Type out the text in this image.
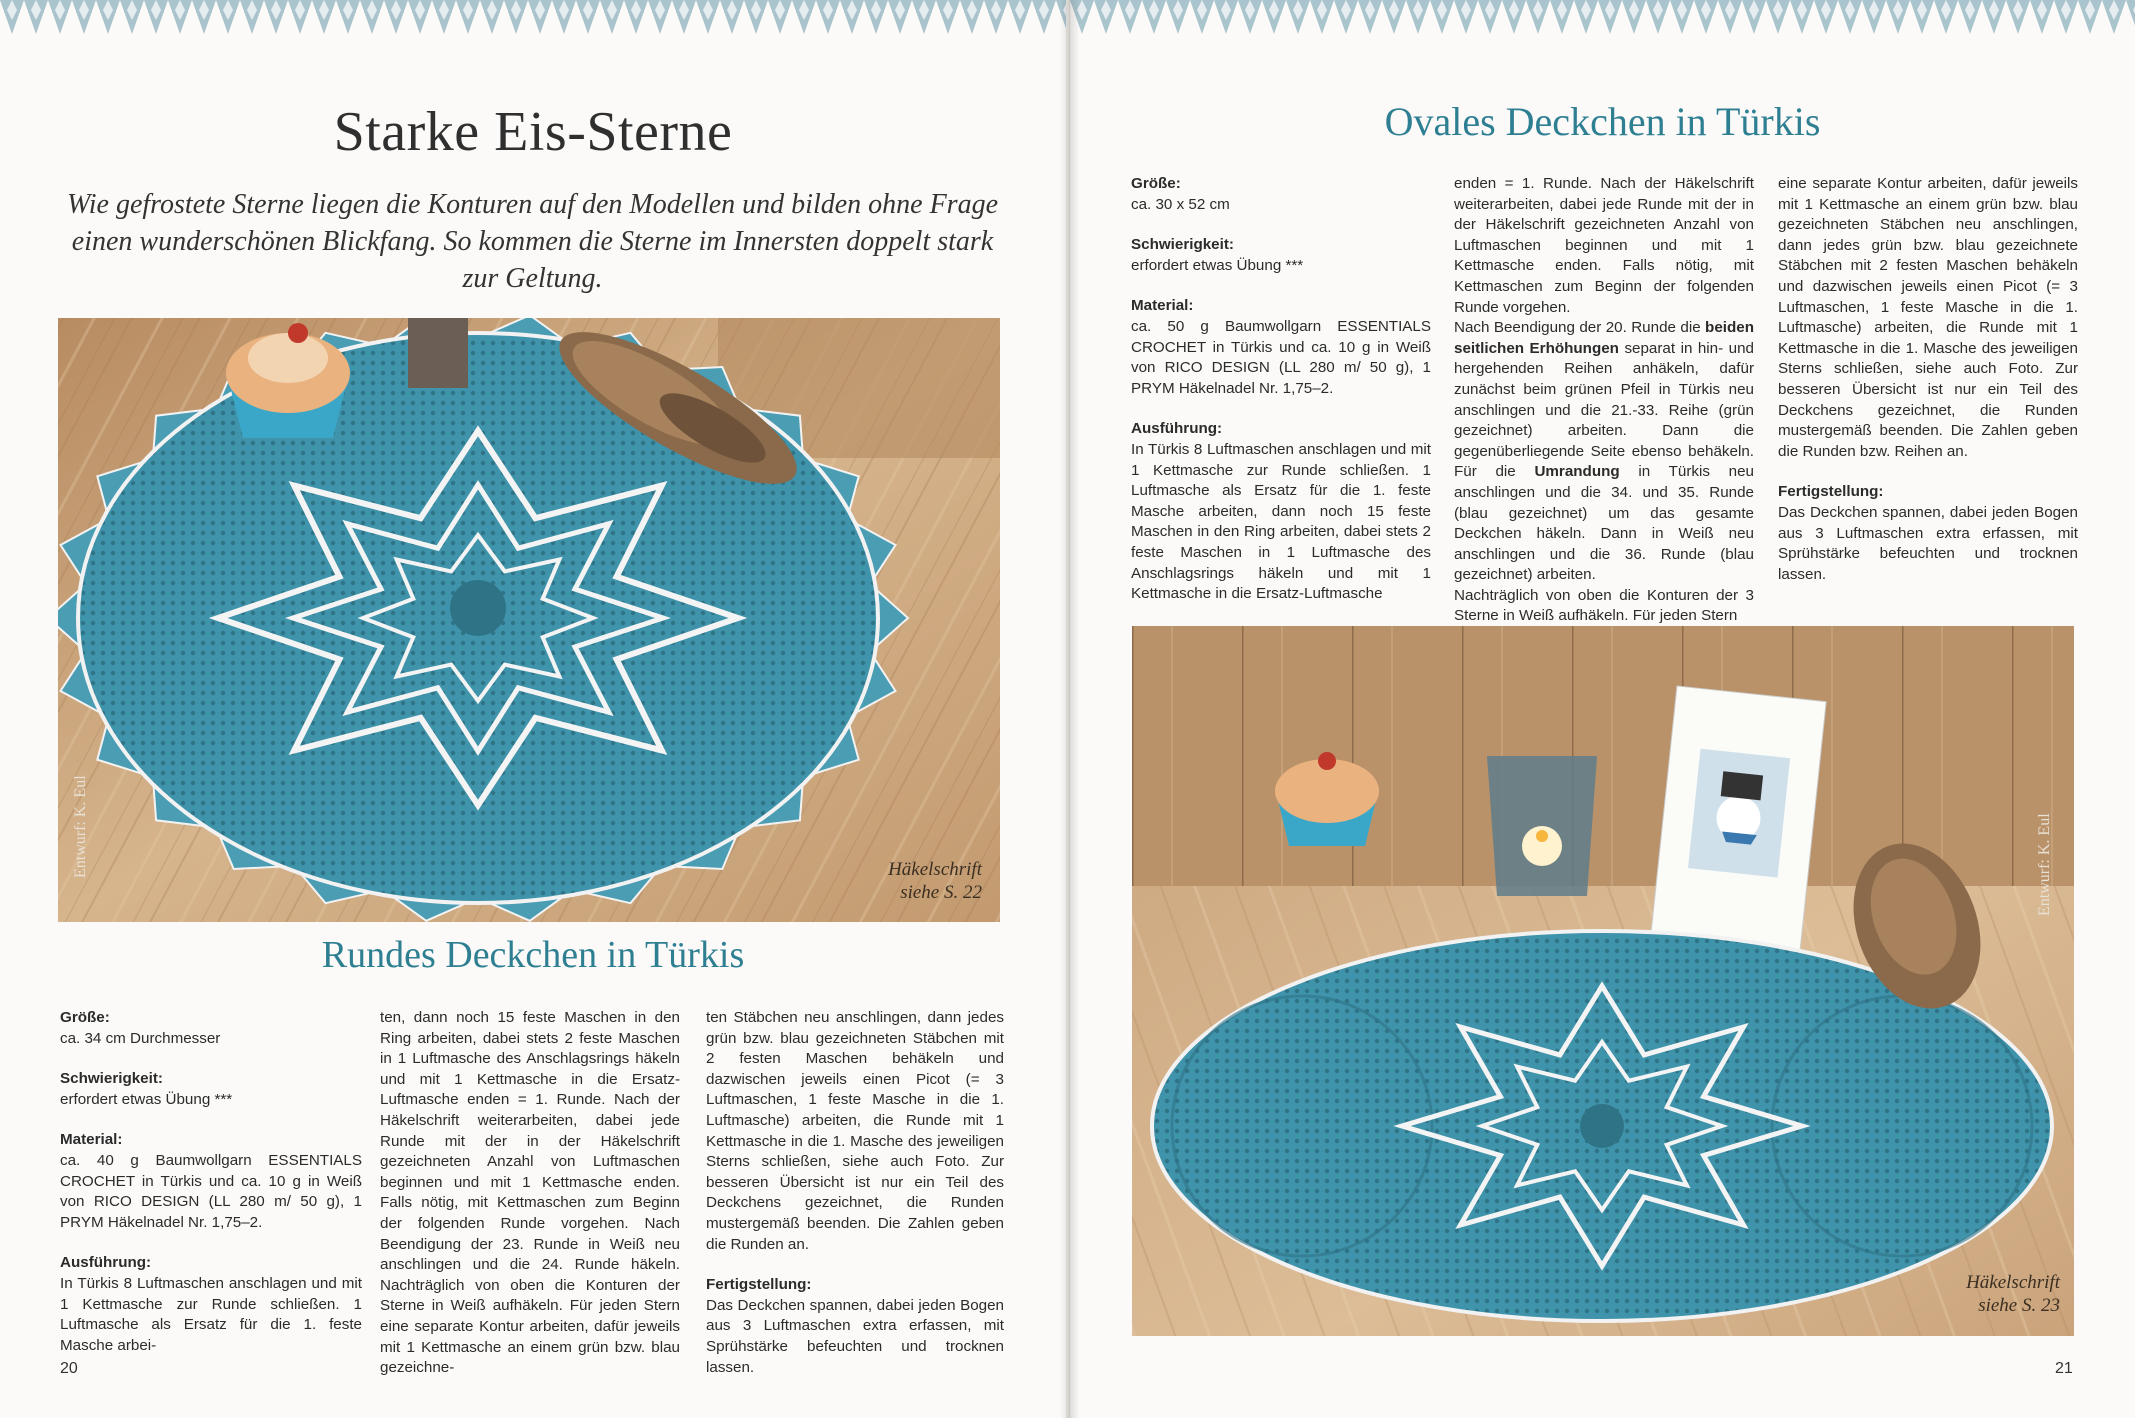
Starke Eis-Sterne

Wie gefrostete Sterne liegen die Konturen auf den Modellen und bilden ohne Frage einen wunderschönen Blickfang. So kommen die Sterne im Innersten doppelt stark zur Geltung.

Entwurf: K. Eul	Häkelschrift
siehe S. 22
Rundes Deckchen in Türkis
Größe:
ca. 34 cm Durchmesser
Schwierigkeit:
erfordert etwas Übung ***
Material:

ca. 40 g Baumwollgarn ESSENTIALS CROCHET in Türkis und ca. 10 g in Weiß von RICO DESIGN (LL 280 m/ 50 g), 1 PRYM Häkelnadel Nr. 1,75–2.

Ausführung:

In Türkis 8 Luftmaschen anschlagen und mit 1 Kettmasche zur Runde schließen. 1 Luftmasche als Ersatz für die 1. feste Masche arbei-

ten, dann noch 15 feste Maschen in den Ring arbeiten, dabei stets 2 feste Maschen in 1 Luftmasche des Anschlagsrings häkeln und mit 1 Kettmasche in die Ersatz-Luftmasche enden = 1. Runde. Nach der Häkelschrift weiterarbeiten, dabei jede Runde mit der in der Häkelschrift gezeichneten Anzahl von Luftmaschen beginnen und mit 1 Kettmasche enden. Falls nötig, mit Kettmaschen zum Beginn der folgenden Runde vorgehen. Nach Beendigung der 23. Runde in Weiß neu anschlingen und die 24. Runde häkeln. Nachträglich von oben die Konturen der Sterne in Weiß aufhäkeln. Für jeden Stern eine separate Kontur arbeiten, dafür jeweils mit 1 Kettmasche an einem grün bzw. blau gezeichne-

ten Stäbchen neu anschlingen, dann jedes grün bzw. blau gezeichneten Stäbchen mit 2 festen Maschen behäkeln und dazwischen jeweils einen Picot (= 3 Luftmaschen, 1 feste Masche in die 1. Luftmasche) arbeiten, die Runde mit 1 Kettmasche in die 1. Masche des jeweiligen Sterns schließen, siehe auch Foto. Zur besseren Übersicht ist nur ein Teil des Deckchens gezeichnet, die Runden mustergemäß beenden. Die Zahlen geben die Runden an.

Fertigstellung:

Das Deckchen spannen, dabei jeden Bogen aus 3 Luftmaschen extra erfassen, mit Sprühstärke befeuchten und trocknen lassen.

20
Ovales Deckchen in Türkis
Größe:
ca. 30 x 52 cm
Schwierigkeit:
erfordert etwas Übung ***
Material:

ca. 50 g Baumwollgarn ESSENTIALS CROCHET in Türkis und ca. 10 g in Weiß von RICO DESIGN (LL 280 m/ 50 g), 1 PRYM Häkelnadel Nr. 1,75–2.

Ausführung:

In Türkis 8 Luftmaschen anschlagen und mit 1 Kettmasche zur Runde schließen. 1 Luftmasche als Ersatz für die 1. feste Masche arbeiten, dann noch 15 feste Maschen in den Ring arbeiten, dabei stets 2 feste Maschen in 1 Luftmasche des Anschlagsrings häkeln und mit 1 Kettmasche in die Ersatz-Luftmasche

enden = 1. Runde. Nach der Häkelschrift weiterarbeiten, dabei jede Runde mit der in der Häkelschrift gezeichneten Anzahl von Luftmaschen beginnen und mit 1 Kettmasche enden. Falls nötig, mit Kettmaschen zum Beginn der folgenden Runde vorgehen.

Nach Beendigung der 20. Runde die beiden seitlichen Erhöhungen separat in hin- und hergehenden Reihen anhäkeln, dafür zunächst beim grünen Pfeil in Türkis neu anschlingen und die 21.-33. Reihe (grün gezeichnet) arbeiten. Dann die gegenüberliegende Seite ebenso behäkeln. Für die Umrandung in Türkis neu anschlingen und die 34. und 35. Runde (blau gezeichnet) um das gesamte Deckchen häkeln. Dann in Weiß neu anschlingen und die 36. Runde (blau gezeichnet) arbeiten.

Nachträglich von oben die Konturen der 3 Sterne in Weiß aufhäkeln. Für jeden Stern

eine separate Kontur arbeiten, dafür jeweils mit 1 Kettmasche an einem grün bzw. blau gezeichneten Stäbchen neu anschlingen, dann jedes grün bzw. blau gezeichnete Stäbchen mit 2 festen Maschen behäkeln und dazwischen jeweils einen Picot (= 3 Luftmaschen, 1 feste Masche in die 1. Luftmasche) arbeiten, die Runde mit 1 Kettmasche in die 1. Masche des jeweiligen Sterns schließen, siehe auch Foto. Zur besseren Übersicht ist nur ein Teil des Deckchens gezeichnet, die Runden mustergemäß beenden. Die Zahlen geben die Runden bzw. Reihen an.

Fertigstellung:

Das Deckchen spannen, dabei jeden Bogen aus 3 Luftmaschen extra erfassen, mit Sprühstärke befeuchten und trocknen lassen.

Entwurf: K. Eul
Häkelschrift
siehe S. 23
21
